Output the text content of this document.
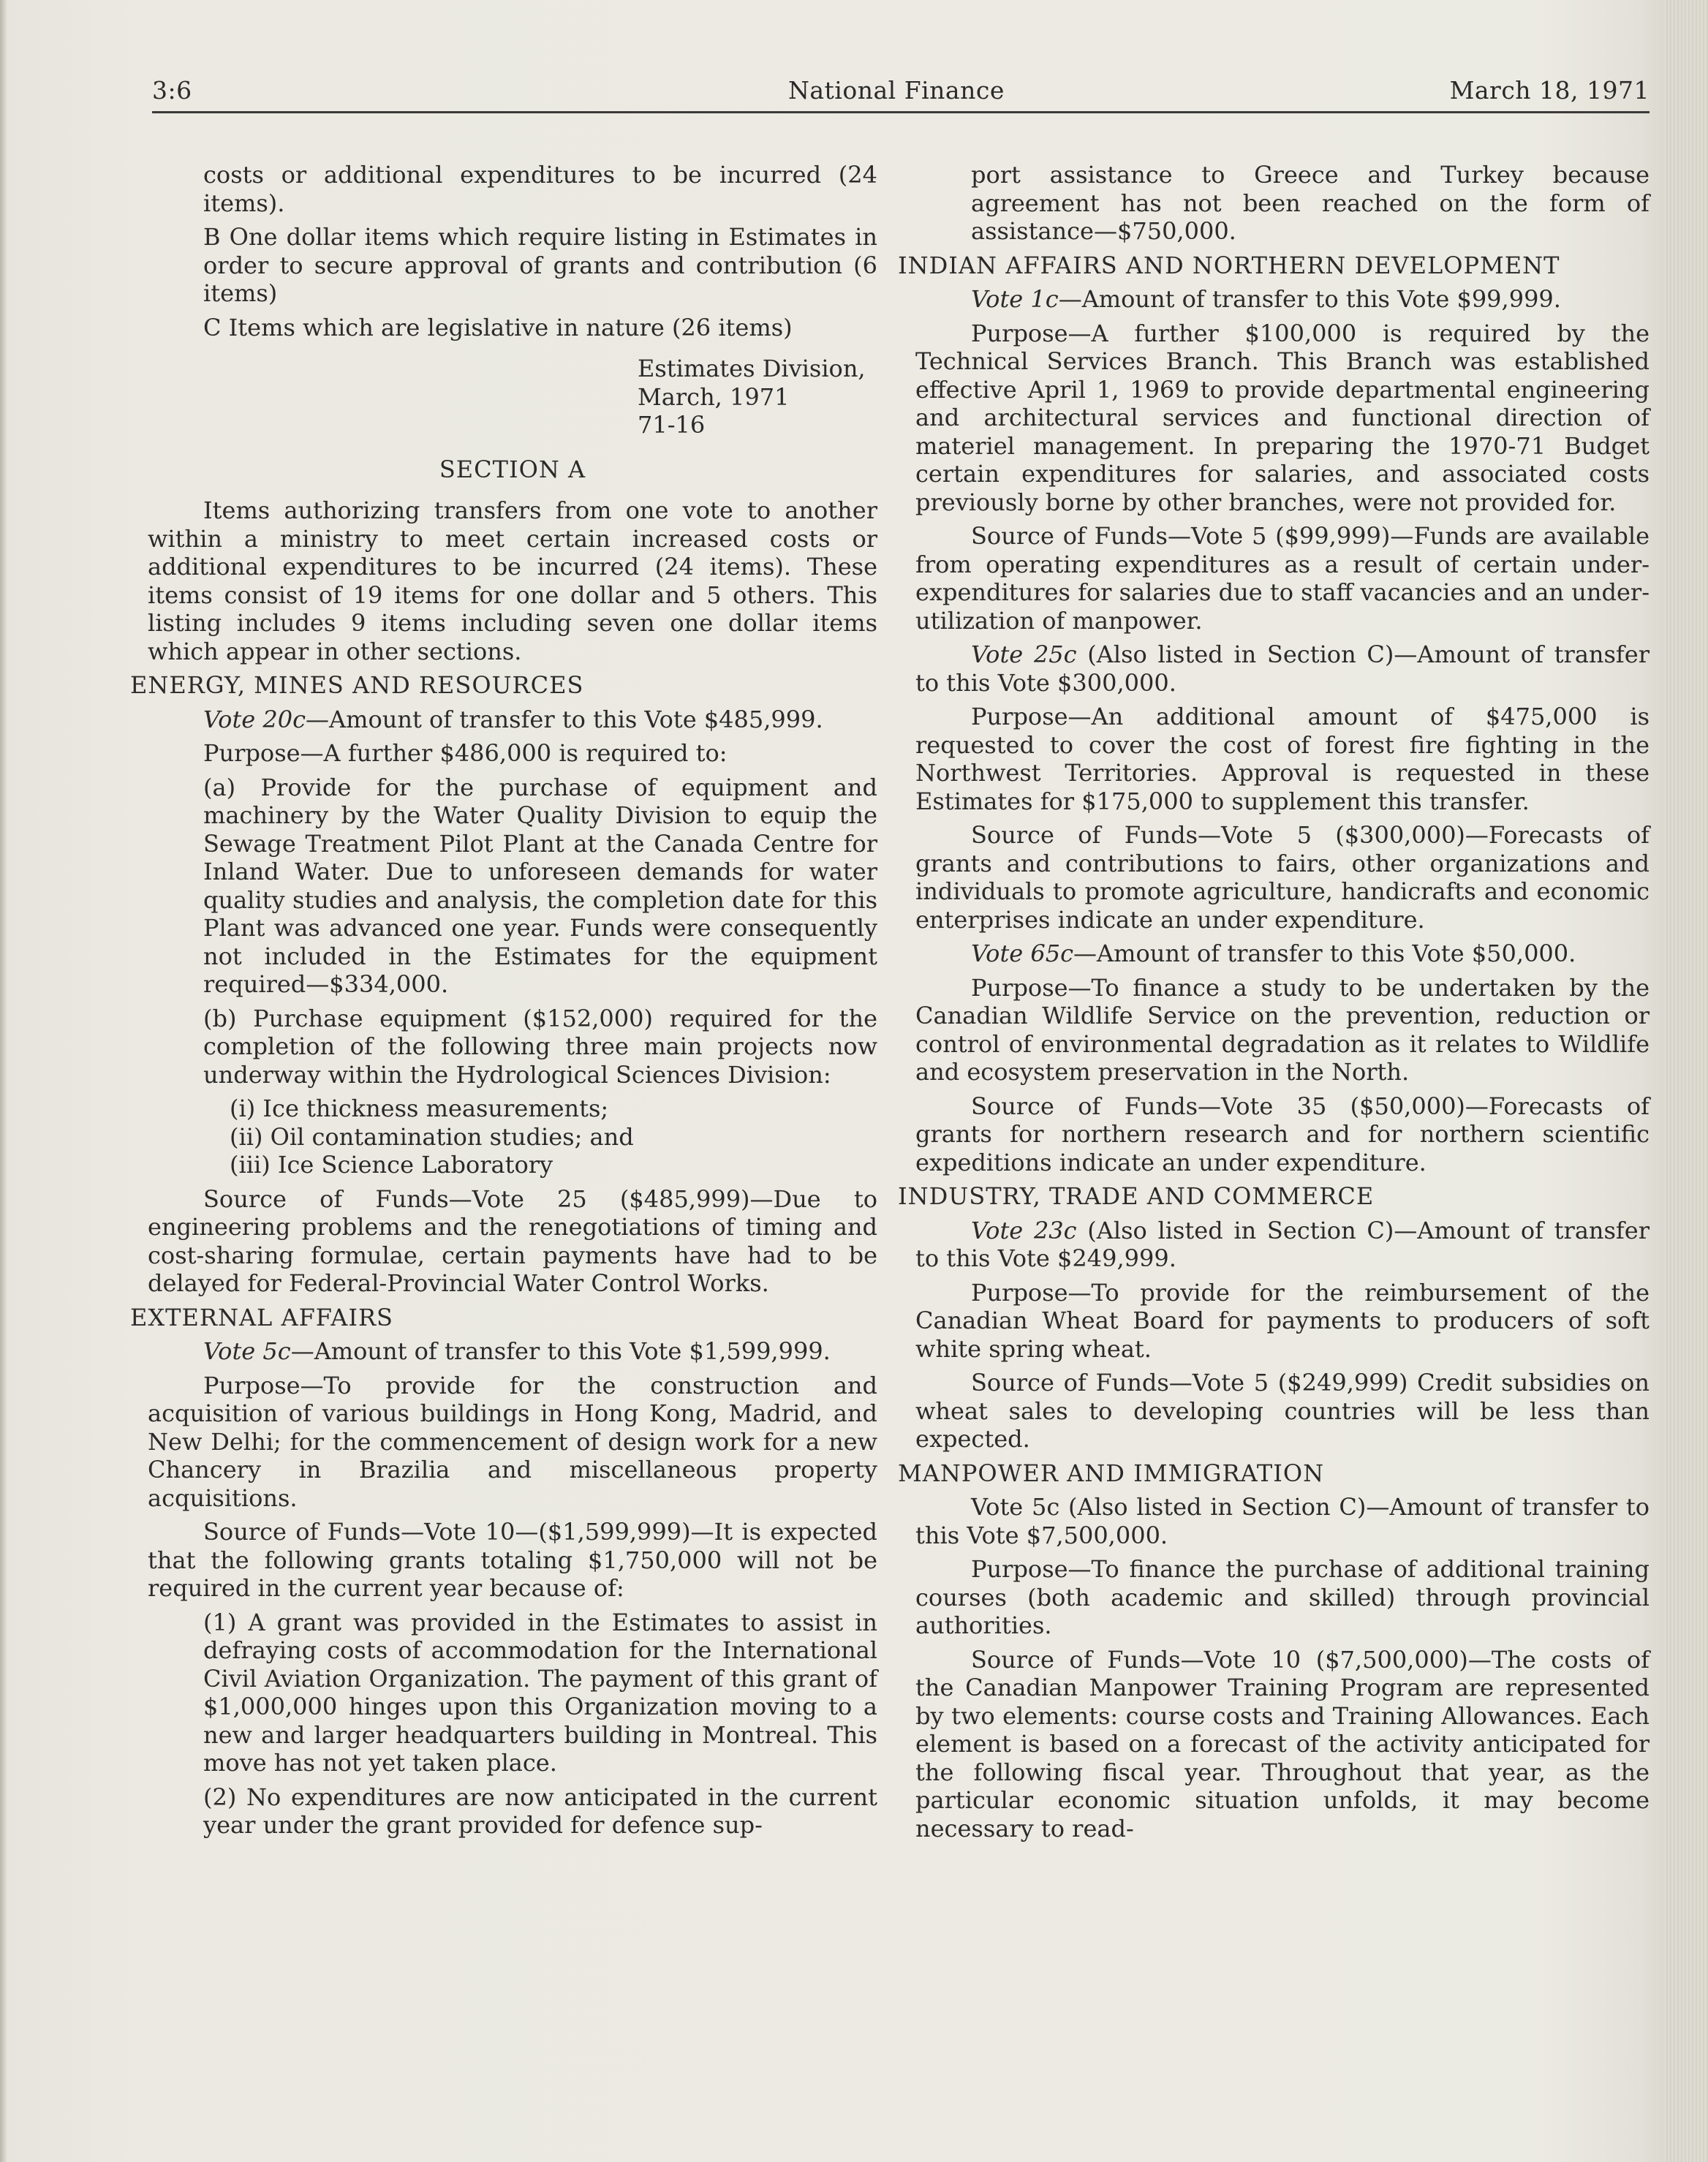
3:6	National Finance	March 18, 1971

costs or additional expenditures to be incurred (24 items).

B One dollar items which require listing in Estimates in order to secure approval of grants and contribution (6 items)

C Items which are legislative in nature (26 items)

Estimates Division,

March, 1971

71-16

SECTION A

Items authorizing transfers from one vote to another within a ministry to meet certain increased costs or additional expenditures to be incurred (24 items). These items consist of 19 items for one dollar and 5 others. This listing includes 9 items including seven one dollar items which appear in other sections.

ENERGY, MINES AND RESOURCES

Vote 20c—Amount of transfer to this Vote $485,999.

Purpose—A further $486,000 is required to:

(a) Provide for the purchase of equipment and machinery by the Water Quality Division to equip the Sewage Treatment Pilot Plant at the Canada Centre for Inland Water. Due to unforeseen demands for water quality studies and analysis, the completion date for this Plant was advanced one year. Funds were consequently not included in the Estimates for the equipment required—$334,000.

(b) Purchase equipment ($152,000) required for the completion of the following three main projects now underway within the Hydrological Sciences Division:

(i) Ice thickness measurements;

(ii) Oil contamination studies; and

(iii) Ice Science Laboratory

Source of Funds—Vote 25 ($485,999)—Due to engineering problems and the renegotiations of timing and cost-sharing formulae, certain payments have had to be delayed for Federal-Provincial Water Control Works.

EXTERNAL AFFAIRS

Vote 5c—Amount of transfer to this Vote $1,599,999.

Purpose—To provide for the construction and acquisition of various buildings in Hong Kong, Madrid, and New Delhi; for the commencement of design work for a new Chancery in Brazilia and miscellaneous property acquisitions.

Source of Funds—Vote 10—($1,599,999)—It is expected that the following grants totaling $1,750,000 will not be required in the current year because of:

(1) A grant was provided in the Estimates to assist in defraying costs of accommodation for the International Civil Aviation Organization. The payment of this grant of $1,000,000 hinges upon this Organization moving to a new and larger headquarters building in Montreal. This move has not yet taken place.

(2) No expenditures are now anticipated in the current year under the grant provided for defence sup-

port assistance to Greece and Turkey because agreement has not been reached on the form of assistance—$750,000.

INDIAN AFFAIRS AND NORTHERN DEVELOPMENT

Vote 1c—Amount of transfer to this Vote $99,999.

Purpose—A further $100,000 is required by the Technical Services Branch. This Branch was established effective April 1, 1969 to provide departmental engineering and architectural services and functional direction of materiel management. In preparing the 1970-71 Budget certain expenditures for salaries, and associated costs previously borne by other branches, were not provided for.

Source of Funds—Vote 5 ($99,999)—Funds are available from operating expenditures as a result of certain under-expenditures for salaries due to staff vacancies and an under-utilization of manpower.

Vote 25c (Also listed in Section C)—Amount of transfer to this Vote $300,000.

Purpose—An additional amount of $475,000 is requested to cover the cost of forest fire fighting in the Northwest Territories. Approval is requested in these Estimates for $175,000 to supplement this transfer.

Source of Funds—Vote 5 ($300,000)—Forecasts of grants and contributions to fairs, other organizations and individuals to promote agriculture, handicrafts and economic enterprises indicate an under expenditure.

Vote 65c—Amount of transfer to this Vote $50,000.

Purpose—To finance a study to be undertaken by the Canadian Wildlife Service on the prevention, reduction or control of environmental degradation as it relates to Wildlife and ecosystem preservation in the North.

Source of Funds—Vote 35 ($50,000)—Forecasts of grants for northern research and for northern scientific expeditions indicate an under expenditure.

INDUSTRY, TRADE AND COMMERCE

Vote 23c (Also listed in Section C)—Amount of transfer to this Vote $249,999.

Purpose—To provide for the reimbursement of the Canadian Wheat Board for payments to producers of soft white spring wheat.

Source of Funds—Vote 5 ($249,999) Credit subsidies on wheat sales to developing countries will be less than expected.

MANPOWER AND IMMIGRATION

Vote 5c (Also listed in Section C)—Amount of transfer to this Vote $7,500,000.

Purpose—To finance the purchase of additional training courses (both academic and skilled) through provincial authorities.

Source of Funds—Vote 10 ($7,500,000)—The costs of the Canadian Manpower Training Program are represented by two elements: course costs and Training Allowances. Each element is based on a forecast of the activity anticipated for the following fiscal year. Throughout that year, as the particular economic situation unfolds, it may become necessary to read-
